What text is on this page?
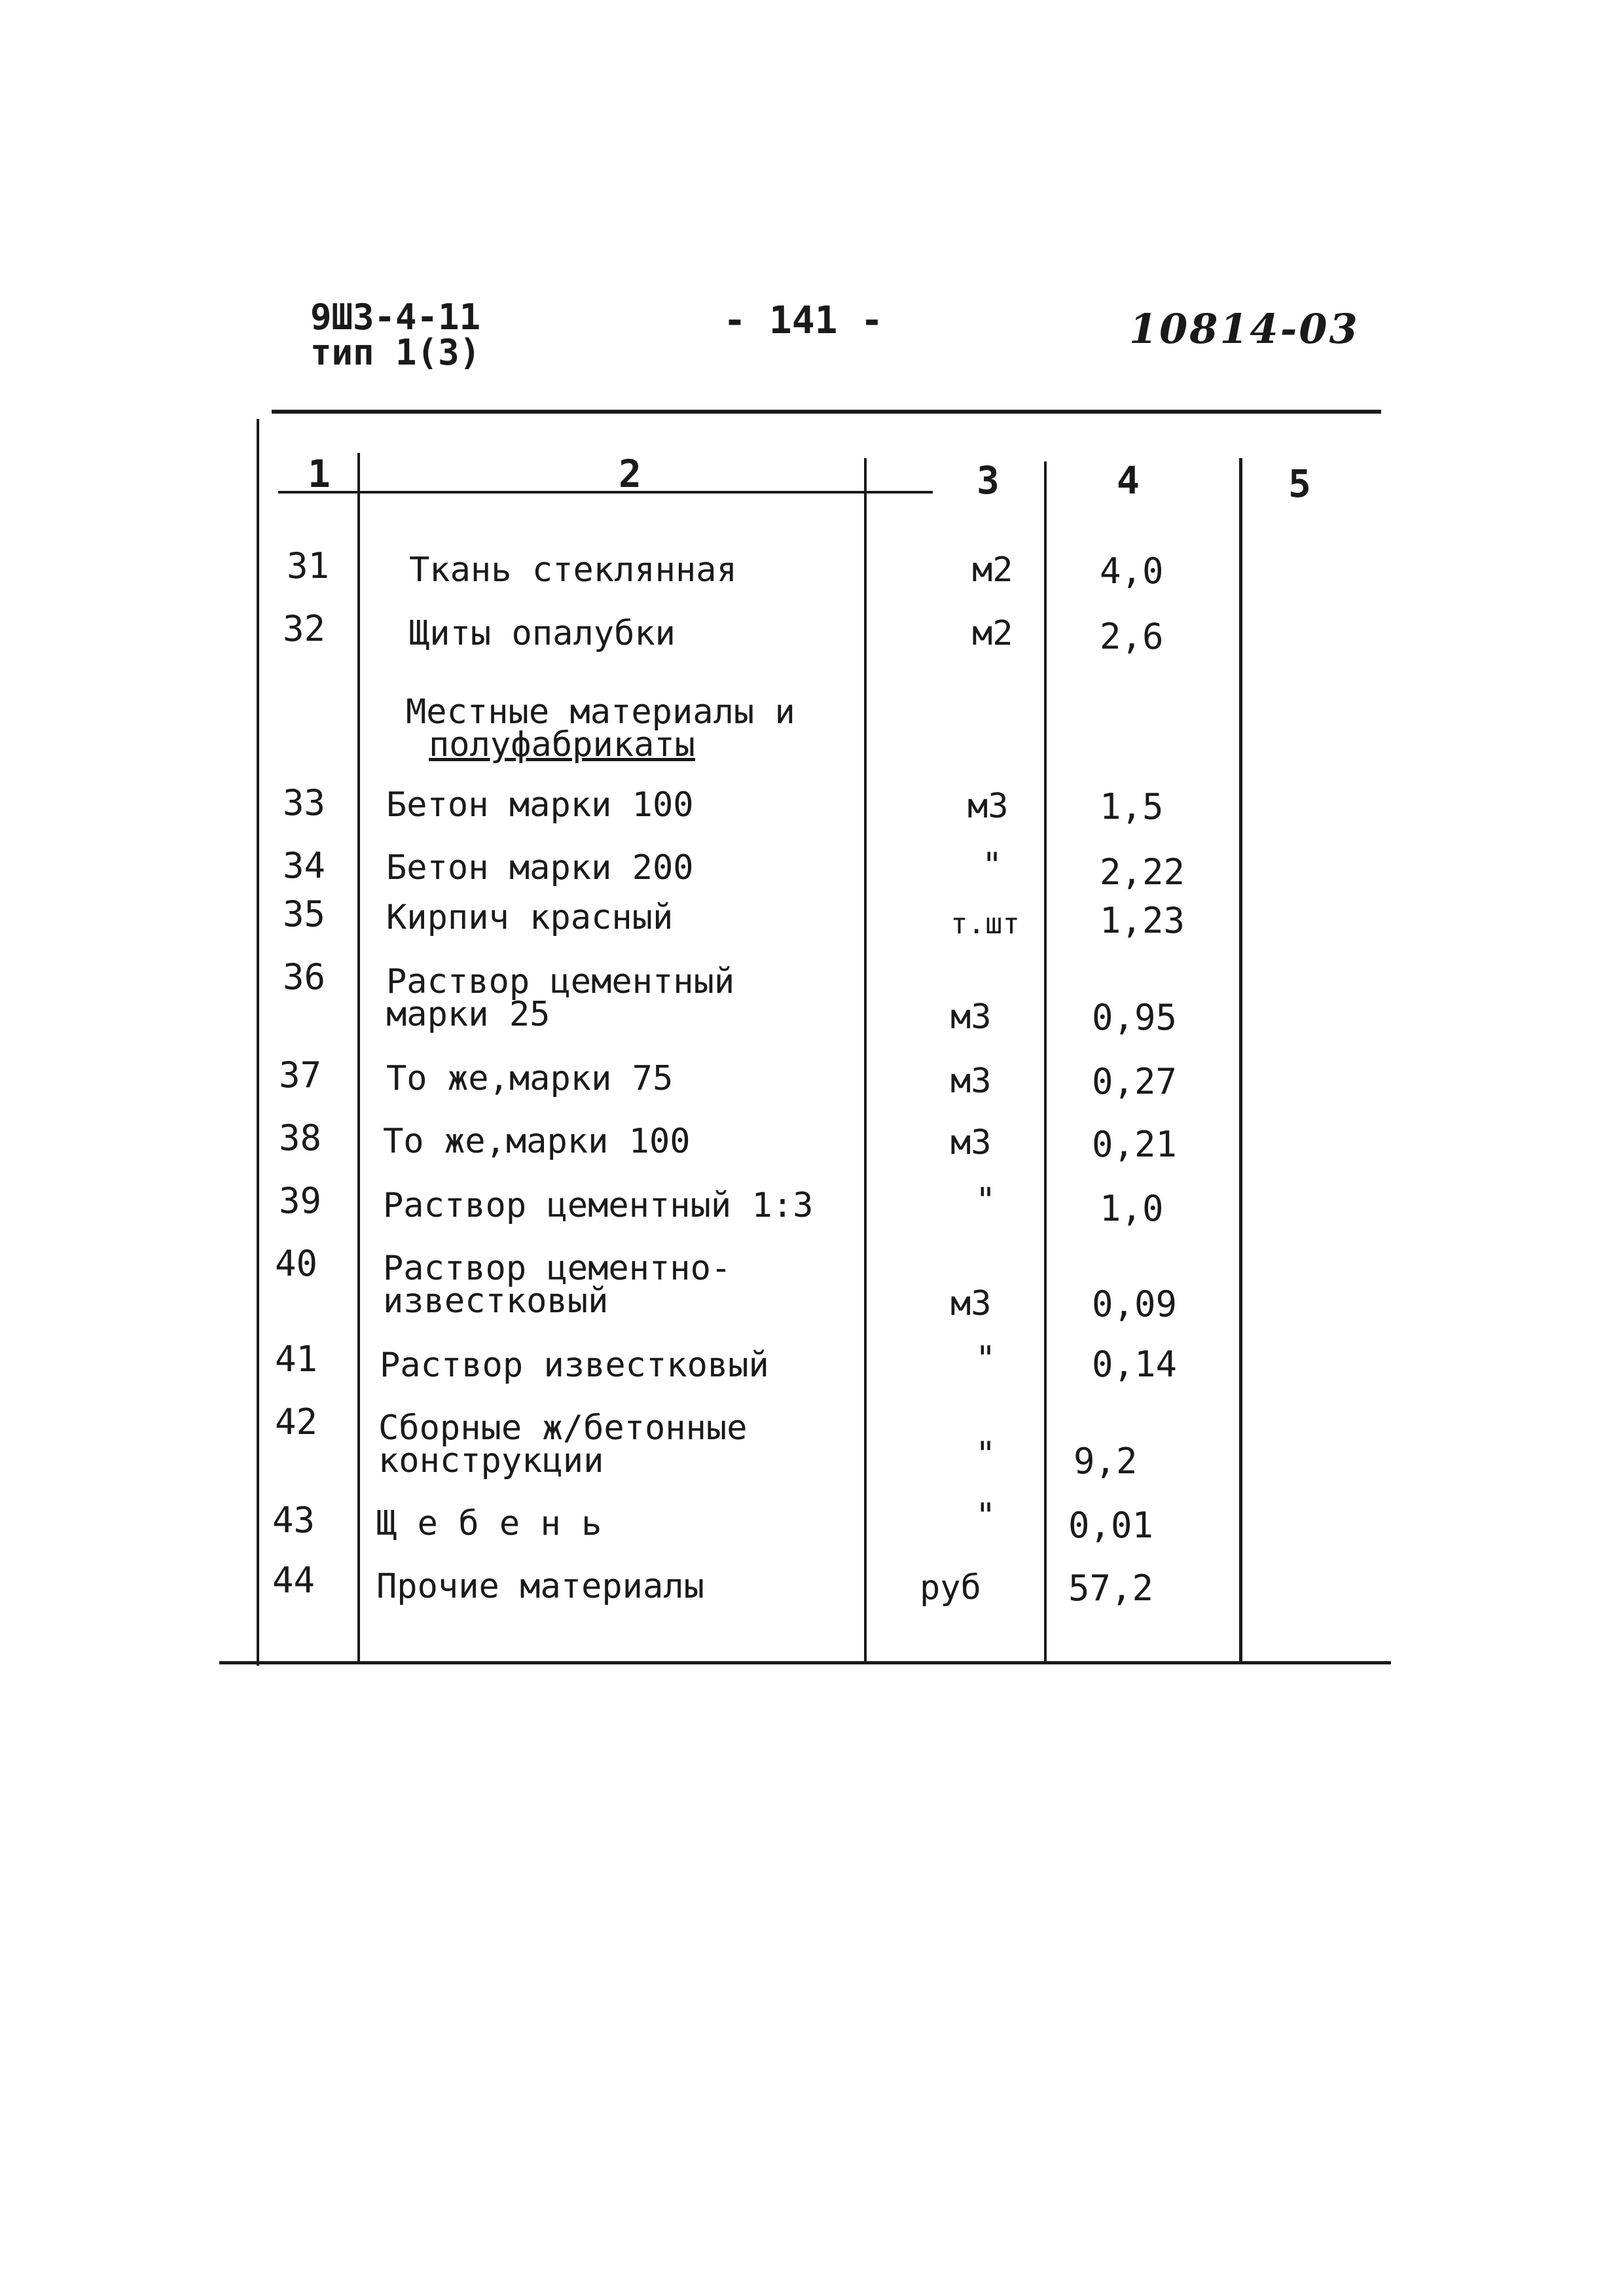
9ШЗ-4-11
тип 1(3)
- 141 -	10814-03
1	2	3	4	5
31 Ткань стеклянная	м2 4,0
32 Щиты опалубки	м2 2,6
Местные материалы и
полуфабрикаты
33 Бетон марки 100	м3	1,5
34 Бетон марки 200	"	2,22
35 Кирпич красный	т.шт 1,23
36 Раствор цементный
марки 25	м3	0,95
37 То же,марки 75	м3	0,27
38 То же,марки 100	м3	0,21
39 Раствор цементный 1:3	"	1,0
40 Раствор цементно-
известковый	м3	0,09
41 Раствор известковый	"	0,14
42 Сборные ж/бетонные
конструкции	" 9,2
43 Щ е б е н ь	" 0,01
44 Прочие материалы	руб 57,2
